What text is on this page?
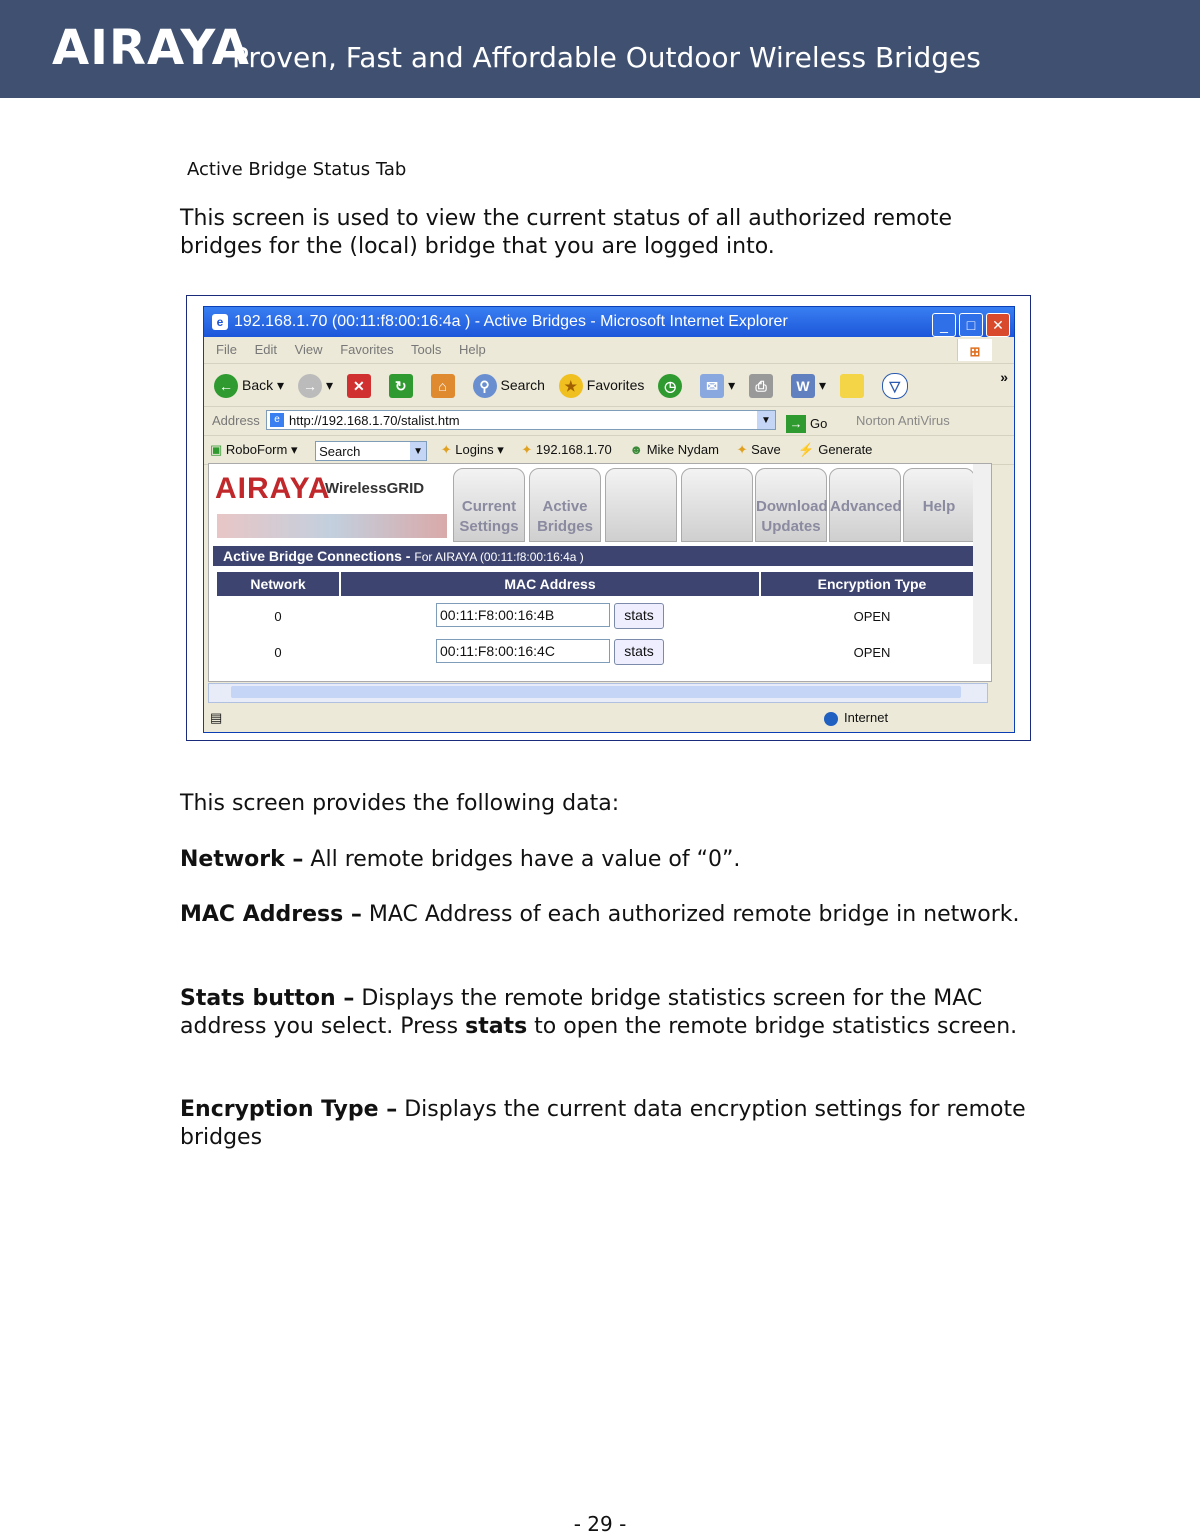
AIRAYA
Proven, Fast and Affordable Outdoor Wireless Bridges
Active Bridge Status Tab
This screen is used to view the current status of all authorized remote bridges for the (local) bridge that you are logged into.
e 192.168.1.70 (00:11:f8:00:16:4a ) - Active Bridges - Microsoft Internet Explorer	_ □ ✕
File Edit View Favorites Tools Help	⊞
← Back ▾ → ▾ ✕ ↻ ⌂ ⚲ Search ★ Favorites ◷ ✉ ▾ ⎙ W ▾	▽
»
Address	e http://192.168.1.70/stalist.htm	▼	→ Go Norton AntiVirus
▣ RoboForm ▾ Search	▼ ✦ Logins ▾ ✦ 192.168.1.70 ☻ Mike Nydam ✦ Save ⚡ Generate
AIRAYA
WirelessGRID
Current Settings
Active Bridges
Download Updates
Advanced	Help
Active Bridge Connections - For AIRAYA (00:11:f8:00:16:4a )
Network	MAC Address	Encryption Type
0	00:11:F8:00:16:4B stats	OPEN
0	00:11:F8:00:16:4C stats	OPEN
▤	Internet
This screen provides the following data:
Network – All remote bridges have a value of “0”.
MAC Address – MAC Address of each authorized remote bridge in network.
Stats button – Displays the remote bridge statistics screen for the MAC address you select. Press stats to open the remote bridge statistics screen.
Encryption Type – Displays the current data encryption settings for remote bridges
- 29 -
